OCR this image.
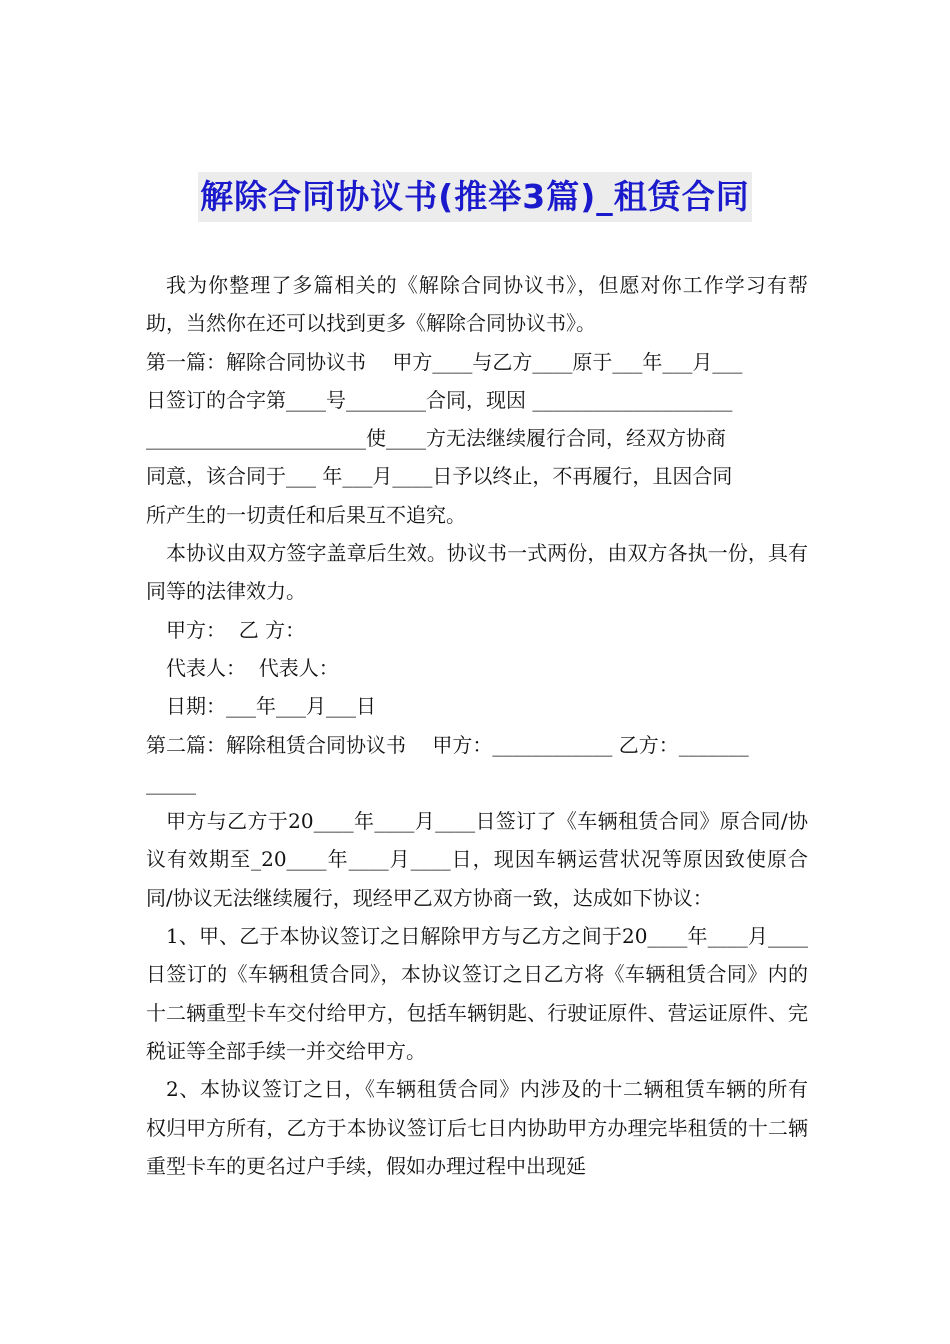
解除合同协议书(推举3篇)_租赁合同

我为你整理了多篇相关的《解除合同协议书》，但愿对你工作学习有帮助，当然你在还可以找到更多《解除合同协议书》。

第一篇：解除合同协议书　 甲方____与乙方____原于___年___月___

日签订的合字第____号________合同，现因 ____________________

______________________使____方无法继续履行合同，经双方协商

同意，该合同于___ 年___月____日予以终止，不再履行，且因合同

所产生的一切责任和后果互不追究。

本协议由双方签字盖章后生效。协议书一式两份，由双方各执一份，具有同等的法律效力。

甲方：  乙 方：

代表人：  代表人：

日期：___年___月___日

第二篇：解除租赁合同协议书　 甲方：____________ 乙方：_______

_____

甲方与乙方于20____年____月____日签订了《车辆租赁合同》原合同/协议有效期至_20____年____月____日，现因车辆运营状况等原因致使原合同/协议无法继续履行，现经甲乙双方协商一致，达成如下协议：

1、甲、乙于本协议签订之日解除甲方与乙方之间于20____年____月____日签订的《车辆租赁合同》，本协议签订之日乙方将《车辆租赁合同》内的十二辆重型卡车交付给甲方，包括车辆钥匙、行驶证原件、营运证原件、完税证等全部手续一并交给甲方。

2、本协议签订之日，《车辆租赁合同》内涉及的十二辆租赁车辆的所有权归甲方所有，乙方于本协议签订后七日内协助甲方办理完毕租赁的十二辆重型卡车的更名过户手续，假如办理过程中出现延
